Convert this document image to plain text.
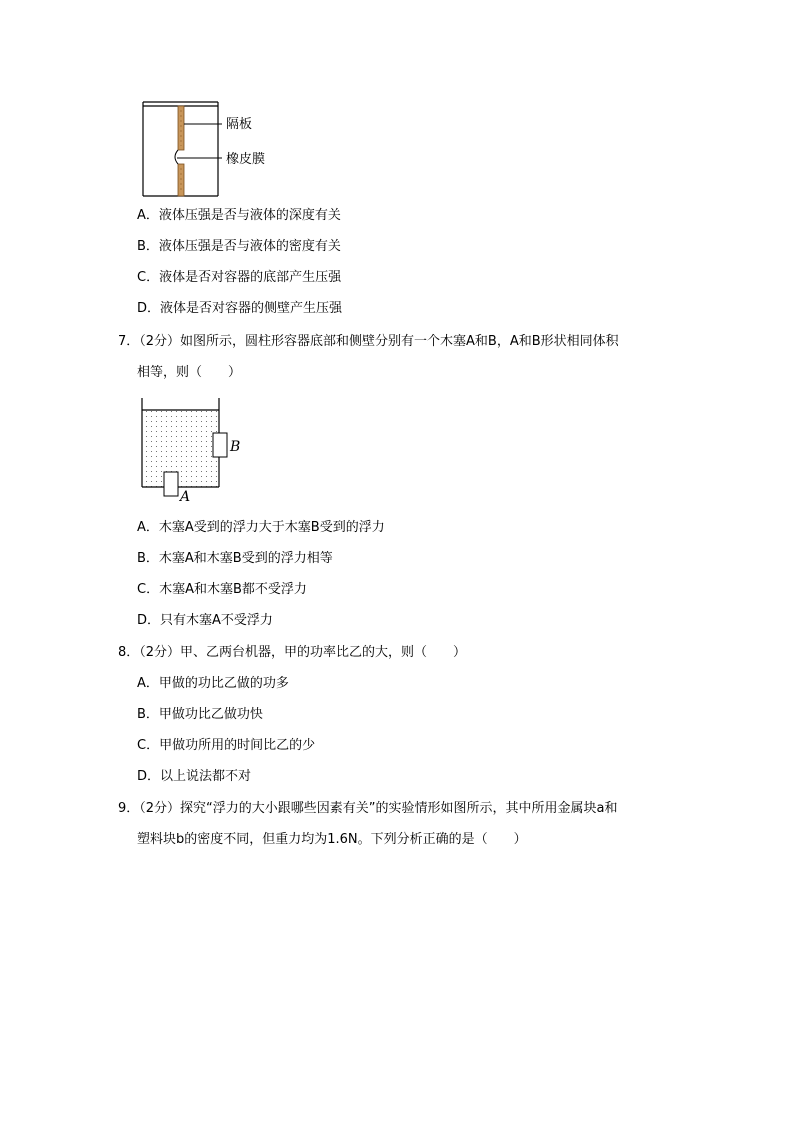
隔板
橡皮膜
A．液体压强是否与液体的深度有关
B．液体压强是否与液体的密度有关
C．液体是否对容器的底部产生压强
D．液体是否对容器的侧壁产生压强
7．（2分）如图所示，圆柱形容器底部和侧壁分别有一个木塞A和B，A和B形状相同体积
相等，则（　　）
B
A
A．木塞A受到的浮力大于木塞B受到的浮力
B．木塞A和木塞B受到的浮力相等
C．木塞A和木塞B都不受浮力
D．只有木塞A不受浮力
8．（2分）甲、乙两台机器，甲的功率比乙的大，则（　　）
A．甲做的功比乙做的功多
B．甲做功比乙做功快
C．甲做功所用的时间比乙的少
D．以上说法都不对
9．（2分）探究“浮力的大小跟哪些因素有关”的实验情形如图所示，其中所用金属块a和
塑料块b的密度不同，但重力均为1.6N。下列分析正确的是（　　）
